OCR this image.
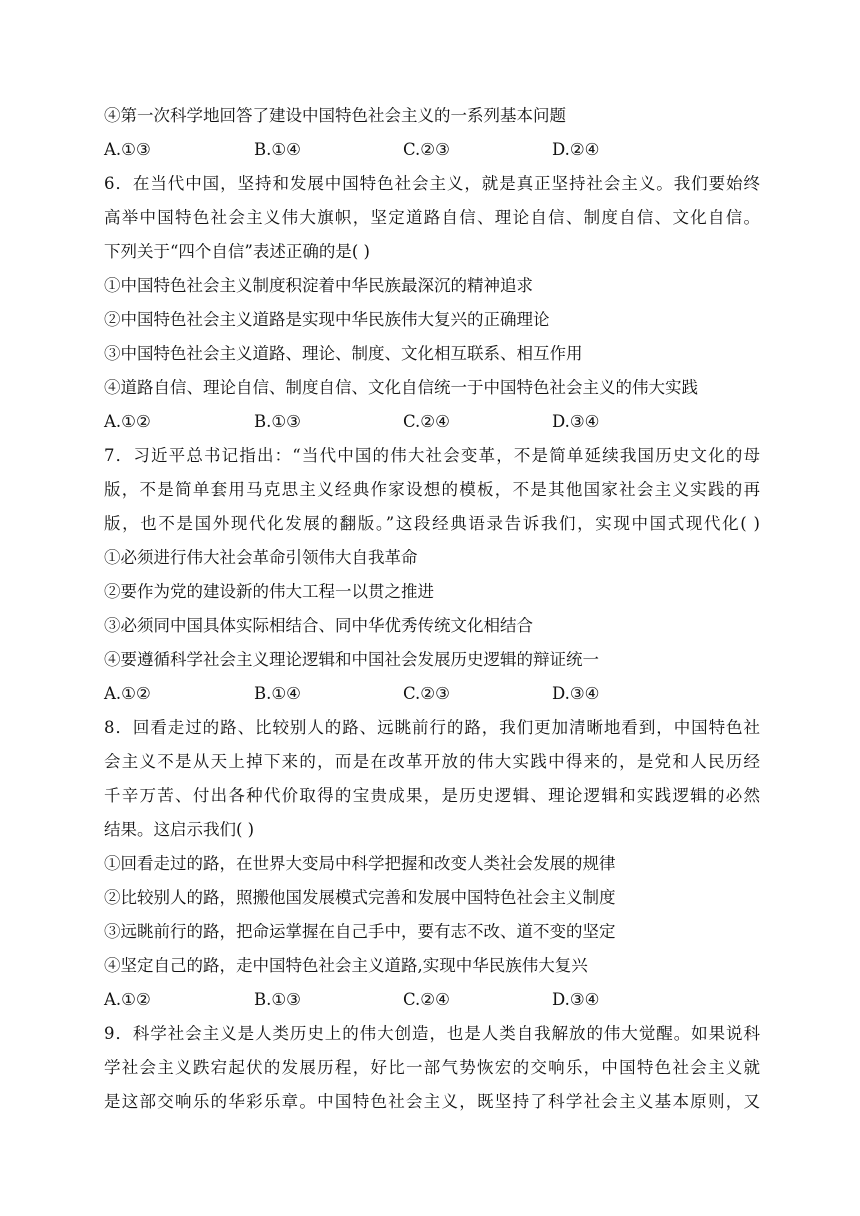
④第一次科学地回答了建设中国特色社会主义的一系列基本问题
A.①③	B.①④	C.②③	D.②④
6．在当代中国，坚持和发展中国特色社会主义，就是真正坚持社会主义。我们要始终
高举中国特色社会主义伟大旗帜，坚定道路自信、理论自信、制度自信、文化自信。
下列关于“四个自信”表述正确的是( )
①中国特色社会主义制度积淀着中华民族最深沉的精神追求
②中国特色社会主义道路是实现中华民族伟大复兴的正确理论
③中国特色社会主义道路、理论、制度、文化相互联系、相互作用
④道路自信、理论自信、制度自信、文化自信统一于中国特色社会主义的伟大实践
A.①②	B.①③	C.②④	D.③④
7．习近平总书记指出：“当代中国的伟大社会变革，不是简单延续我国历史文化的母
版，不是简单套用马克思主义经典作家设想的模板，不是其他国家社会主义实践的再
版，也不是国外现代化发展的翻版。”这段经典语录告诉我们，实现中国式现代化( )
①必须进行伟大社会革命引领伟大自我革命
②要作为党的建设新的伟大工程一以贯之推进
③必须同中国具体实际相结合、同中华优秀传统文化相结合
④要遵循科学社会主义理论逻辑和中国社会发展历史逻辑的辩证统一
A.①②	B.①④	C.②③	D.③④
8．回看走过的路、比较别人的路、远眺前行的路，我们更加清晰地看到，中国特色社
会主义不是从天上掉下来的，而是在改革开放的伟大实践中得来的，是党和人民历经
千辛万苦、付出各种代价取得的宝贵成果，是历史逻辑、理论逻辑和实践逻辑的必然
结果。这启示我们( )
①回看走过的路，在世界大变局中科学把握和改变人类社会发展的规律
②比较别人的路，照搬他国发展模式完善和发展中国特色社会主义制度
③远眺前行的路，把命运掌握在自己手中，要有志不改、道不变的坚定
④坚定自己的路，走中国特色社会主义道路,实现中华民族伟大复兴
A.①②	B.①③	C.②④	D.③④
9．科学社会主义是人类历史上的伟大创造，也是人类自我解放的伟大觉醒。如果说科
学社会主义跌宕起伏的发展历程，好比一部气势恢宏的交响乐，中国特色社会主义就
是这部交响乐的华彩乐章。中国特色社会主义，既坚持了科学社会主义基本原则，又
